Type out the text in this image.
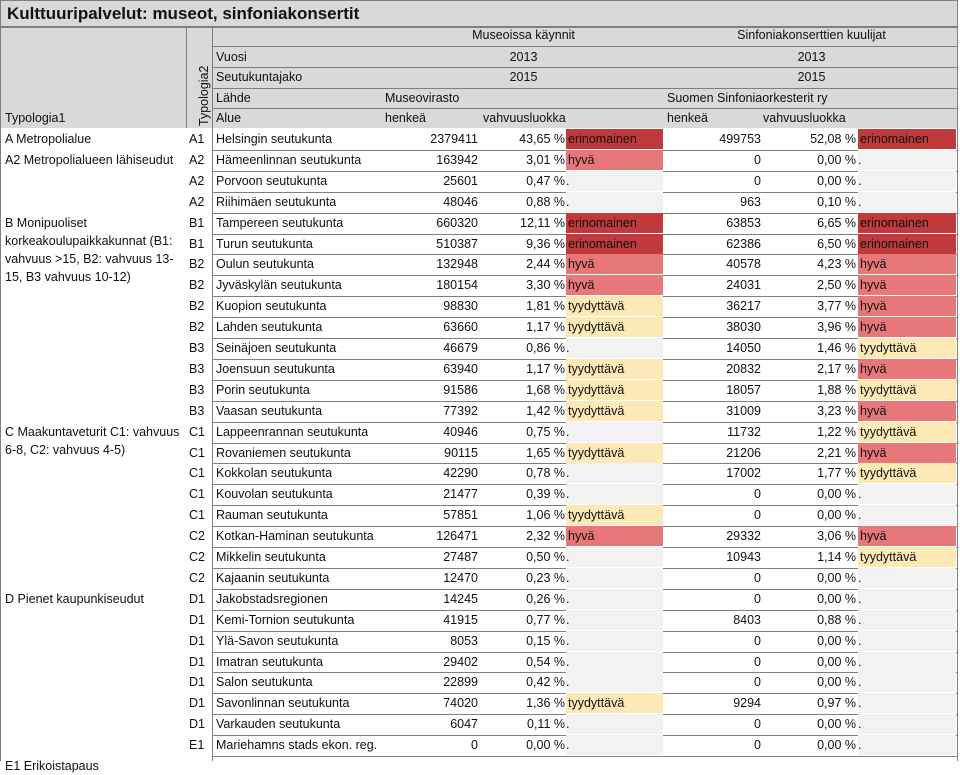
Kulttuuripalvelut: museot, sinfoniakonsertit
Museoissa käynnit	Sinfoniakonserttien kuulijat
Vuosi	2013	2013
Seutukuntajako	2015	2015
Lähde	Museovirasto	Suomen Sinfoniaorkesterit ry
Typologia1	Alue	henkeä	vahvuusluokka	henkeä	vahvuusluokka
Typologia2
A Metropolialue
A2 Metropolialueen lähiseudut
B Monipuoliset korkeakoulupaikkakunnat (B1: vahvuus >15, B2: vahvuus 13-15, B3 vahvuus 10-12)
C Maakuntaveturit C1: vahvuus 6-8, C2: vahvuus 4-5)
D Pienet kaupunkiseudut
E1 Erikoistapaus
A1 Helsingin seutukunta	2379411	43,65 % erinomainen	499753	52,08 % erinomainen
A2 Hämeenlinnan seutukunta	163942	3,01 % hyvä	0	0,00 % .
A2 Porvoon seutukunta	25601	0,47 % .	0	0,00 % .
A2 Riihimäen seutukunta	48046	0,88 % .	963	0,10 % .
B1 Tampereen seutukunta	660320	12,11 % erinomainen	63853	6,65 % erinomainen
B1 Turun seutukunta	510387	9,36 % erinomainen	62386	6,50 % erinomainen
B2 Oulun seutukunta	132948	2,44 % hyvä	40578	4,23 % hyvä
B2 Jyväskylän seutukunta	180154	3,30 % hyvä	24031	2,50 % hyvä
B2 Kuopion seutukunta	98830	1,81 % tyydyttävä	36217	3,77 % hyvä
B2 Lahden seutukunta	63660	1,17 % tyydyttävä	38030	3,96 % hyvä
B3 Seinäjoen seutukunta	46679	0,86 % .	14050	1,46 % tyydyttävä
B3 Joensuun seutukunta	63940	1,17 % tyydyttävä	20832	2,17 % hyvä
B3 Porin seutukunta	91586	1,68 % tyydyttävä	18057	1,88 % tyydyttävä
B3 Vaasan seutukunta	77392	1,42 % tyydyttävä	31009	3,23 % hyvä
C1 Lappeenrannan seutukunta	40946	0,75 % .	11732	1,22 % tyydyttävä
C1 Rovaniemen seutukunta	90115	1,65 % tyydyttävä	21206	2,21 % hyvä
C1 Kokkolan seutukunta	42290	0,78 % .	17002	1,77 % tyydyttävä
C1 Kouvolan seutukunta	21477	0,39 % .	0	0,00 % .
C1 Rauman seutukunta	57851	1,06 % tyydyttävä	0	0,00 % .
C2 Kotkan-Haminan seutukunta	126471	2,32 % hyvä	29332	3,06 % hyvä
C2 Mikkelin seutukunta	27487	0,50 % .	10943	1,14 % tyydyttävä
C2 Kajaanin seutukunta	12470	0,23 % .	0	0,00 % .
D1 Jakobstadsregionen	14245	0,26 % .	0	0,00 % .
D1 Kemi-Tornion seutukunta	41915	0,77 % .	8403	0,88 % .
D1 Ylä-Savon seutukunta	8053	0,15 % .	0	0,00 % .
D1 Imatran seutukunta	29402	0,54 % .	0	0,00 % .
D1 Salon seutukunta	22899	0,42 % .	0	0,00 % .
D1 Savonlinnan seutukunta	74020	1,36 % tyydyttävä	9294	0,97 % .
D1 Varkauden seutukunta	6047	0,11 % .	0	0,00 % .
E1 Mariehamns stads ekon. reg.	0	0,00 % .	0	0,00 % .
